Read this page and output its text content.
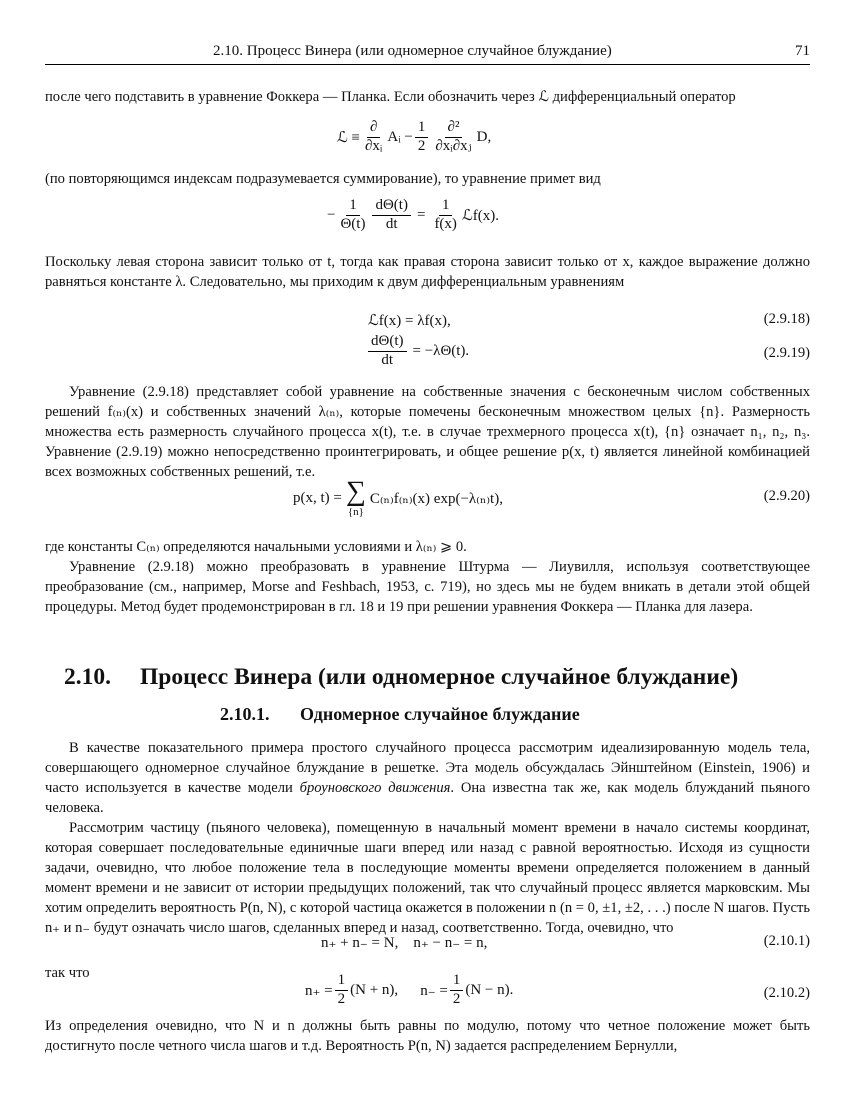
2.10. Процесс Винера (или одномерное случайное блуждание)	71
после чего подставить в уравнение Фоккера — Планка. Если обозначить через ℒ дифференциальный оператор
ℒ ≡ $\frac{\partial}{\text{∂xᵢ}}$ Aᵢ − $\frac{1}{2} \frac{\text{∂²}}{\text{∂xᵢ∂xⱼ}} D$,
(по повторяющимся индексам подразумевается суммирование), то уравнение примет вид
− $\frac{1}{\Theta(t)} \frac{d\Theta(t)}{dt} = \frac{1}{f(x)}$ ℒf(x).
Поскольку левая сторона зависит только от t, тогда как правая сторона зависит только от x, каждое выражение должно равняться константе λ. Следовательно, мы приходим к двум дифференциальным уравнениям
ℒf(x) = λf(x),	(2.9.18)
$\frac{d\Theta(t)}{dt} = -\lambda\Theta(t)$.	(2.9.19)
Уравнение (2.9.18) представляет собой уравнение на собственные значения с бесконечным числом собственных решений f₍ₙ₎(x) и собственных значений λ₍ₙ₎, которые помечены бесконечным множеством целых {n}. Размерность множества есть размерность случайного процесса x(t), т.е. в случае трехмерного процесса x(t), {n} означает n₁, n₂, n₃. Уравнение (2.9.19) можно непосредственно проинтегрировать, и общее решение p(x, t) является линейной комбинацией всех возможных собственных решений, т.е.
p(x, t) = ∑
{n}
C₍ₙ₎f₍ₙ₎(x) exp(−λ₍ₙ₎t),	(2.9.20)
где константы C₍ₙ₎ определяются начальными условиями и λ₍ₙ₎ ⩾ 0.
Уравнение (2.9.18) можно преобразовать в уравнение Штурма — Лиувилля, используя соответствующее преобразование (см., например, Morse and Feshbach, 1953, с. 719), но здесь мы не будем вникать в детали этой общей процедуры. Метод будет продемонстрирован в гл. 18 и 19 при решении уравнения Фоккера — Планка для лазера.
2.10. Процесс Винера (или одномерное случайное блуждание)
2.10.1. Одномерное случайное блуждание
В качестве показательного примера простого случайного процесса рассмотрим идеализированную модель тела, совершающего одномерное случайное блуждание в решетке. Эта модель обсуждалась Эйнштейном (Einstein, 1906) и часто используется в качестве модели броуновского движения. Она известна так же, как модель блужданий пьяного человека.
Рассмотрим частицу (пьяного человека), помещенную в начальный момент времени в начало системы координат, которая совершает последовательные единичные шаги вперед или назад с равной вероятностью. Исходя из сущности задачи, очевидно, что любое положение тела в последующие моменты времени определяется положением в данный момент времени и не зависит от истории предыдущих положений, так что случайный процесс является марковским. Мы хотим определить вероятность P(n, N), с которой частица окажется в положении n (n = 0, ±1, ±2, . . .) после N шагов. Пусть n₊ и n₋ будут означать число шагов, сделанных вперед и назад, соответственно. Тогда, очевидно, что
n₊ + n₋ = N,    n₊ − n₋ = n,	(2.10.1)
так что
$n_+ = \frac{1}{2} (N + n)$, $n_- = \frac{1}{2} (N - n)$.	(2.10.2)
Из определения очевидно, что N и n должны быть равны по модулю, потому что четное положение может быть достигнуто после четного числа шагов и т.д. Вероятность P(n, N) задается распределением Бернулли,
